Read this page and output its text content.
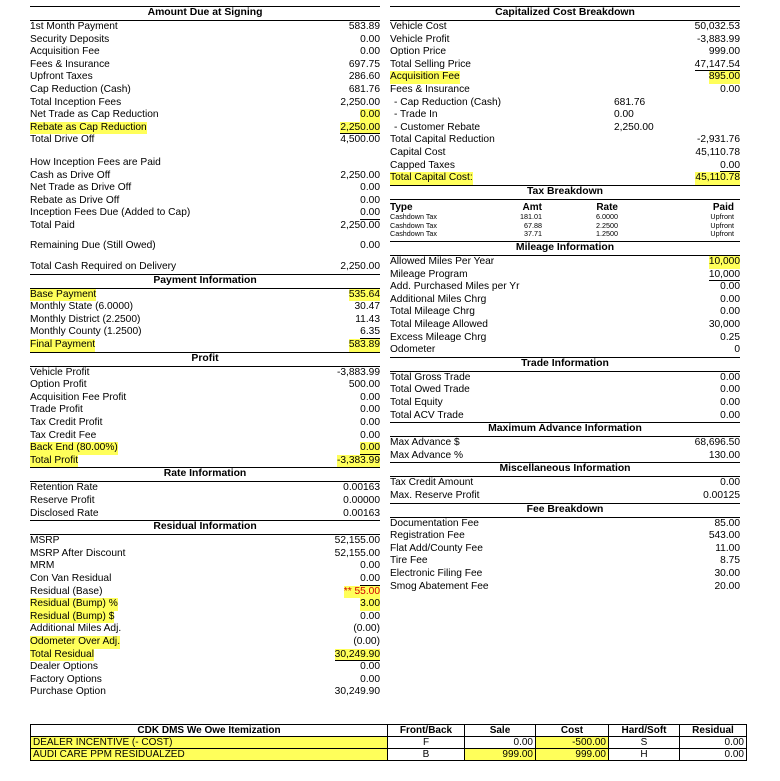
Amount Due at Signing
1st Month Payment	583.89
Security Deposits	0.00
Acquisition Fee	0.00
Fees & Insurance	697.75
Upfront Taxes	286.60
Cap Reduction (Cash)	681.76
Total Inception Fees	2,250.00
Net Trade as Cap Reduction	0.00
Rebate as Cap Reduction	2,250.00
Total Drive Off	4,500.00
How Inception Fees are Paid
Cash as Drive Off	2,250.00
Net Trade as Drive Off	0.00
Rebate as Drive Off	0.00
Inception Fees Due (Added to Cap)	0.00
Total Paid	2,250.00
Remaining Due (Still Owed)	0.00
Total Cash Required on Delivery	2,250.00
Payment Information
Base Payment	535.64
Monthly State (6.0000)	30.47
Monthly District (2.2500)	11.43
Monthly County (1.2500)	6.35
Final Payment	583.89
Profit
Vehicle Profit	-3,883.99
Option Profit	500.00
Acquisition Fee Profit	0.00
Trade Profit	0.00
Tax Credit Profit	0.00
Tax Credit Fee	0.00
Back End (80.00%)	0.00
Total Profit	-3,383.99
Rate Information
Retention Rate	0.00163
Reserve Profit	0.00000
Disclosed Rate	0.00163
Residual Information
MSRP	52,155.00
MSRP After Discount	52,155.00
MRM	0.00
Con Van Residual	0.00
Residual (Base)	** 55.00
Residual (Bump) %	3.00
Residual (Bump) $	0.00
Additional Miles Adj.	(0.00)
Odometer Over Adj.	(0.00)
Total Residual	30,249.90
Dealer Options	0.00
Factory Options	0.00
Purchase Option	30,249.90
Capitalized Cost Breakdown
Vehicle Cost	50,032.53
Vehicle Profit	-3,883.99
Option Price	999.00
Total Selling Price	47,147.54
Acquisition Fee	895.00
Fees & Insurance	0.00
- Cap Reduction (Cash)	681.76
- Trade In	0.00
- Customer Rebate	2,250.00
Total Capital Reduction	-2,931.76
Capital Cost	45,110.78
Capped Taxes	0.00
Total Capital Cost:	45,110.78
Tax Breakdown
Type	Amt	Rate	Paid
Cashdown Tax	181.01	6.0000	Upfront
Cashdown Tax	67.88	2.2500	Upfront
Cashdown Tax	37.71	1.2500	Upfront
Mileage Information
Allowed Miles Per Year	10,000
Mileage Program	10,000
Add. Purchased Miles per Yr	0.00
Additional Miles Chrg	0.00
Total Mileage Chrg	0.00
Total Mileage Allowed	30,000
Excess Mileage Chrg	0.25
Odometer	0
Trade Information
Total Gross Trade	0.00
Total Owed Trade	0.00
Total Equity	0.00
Total ACV Trade	0.00
Maximum Advance Information
Max Advance $	68,696.50
Max Advance %	130.00
Miscellaneous Information
Tax Credit Amount	0.00
Max. Reserve Profit	0.00125
Fee Breakdown
Documentation Fee	85.00
Registration Fee	543.00
Flat Add/County Fee	11.00
Tire Fee	8.75
Electronic Filing Fee	30.00
Smog Abatement Fee	20.00
CDK DMS We Owe Itemization	Front/Back	Sale	Cost	Hard/Soft	Residual
DEALER INCENTIVE (- COST)	F	0.00	-500.00	S	0.00
AUDI CARE PPM RESIDUALZED	B	999.00	999.00	H	0.00
